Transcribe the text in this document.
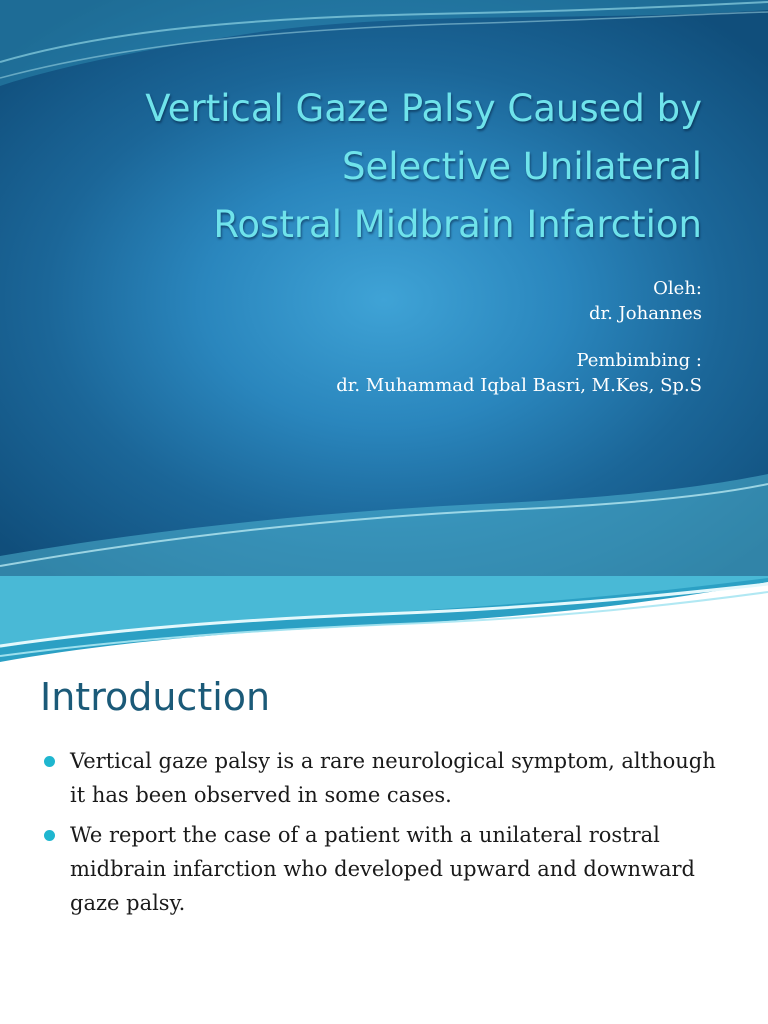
Vertical Gaze Palsy Caused by
Selective Unilateral
Rostral Midbrain Infarction
Oleh:
dr. Johannes
Pembimbing :
dr. Muhammad Iqbal Basri, M.Kes, Sp.S
Introduction
Vertical gaze palsy is a rare neurological symptom, although it has been observed in some cases.
We report the case of a patient with a unilateral rostral midbrain infarction who developed upward and downward gaze palsy.
